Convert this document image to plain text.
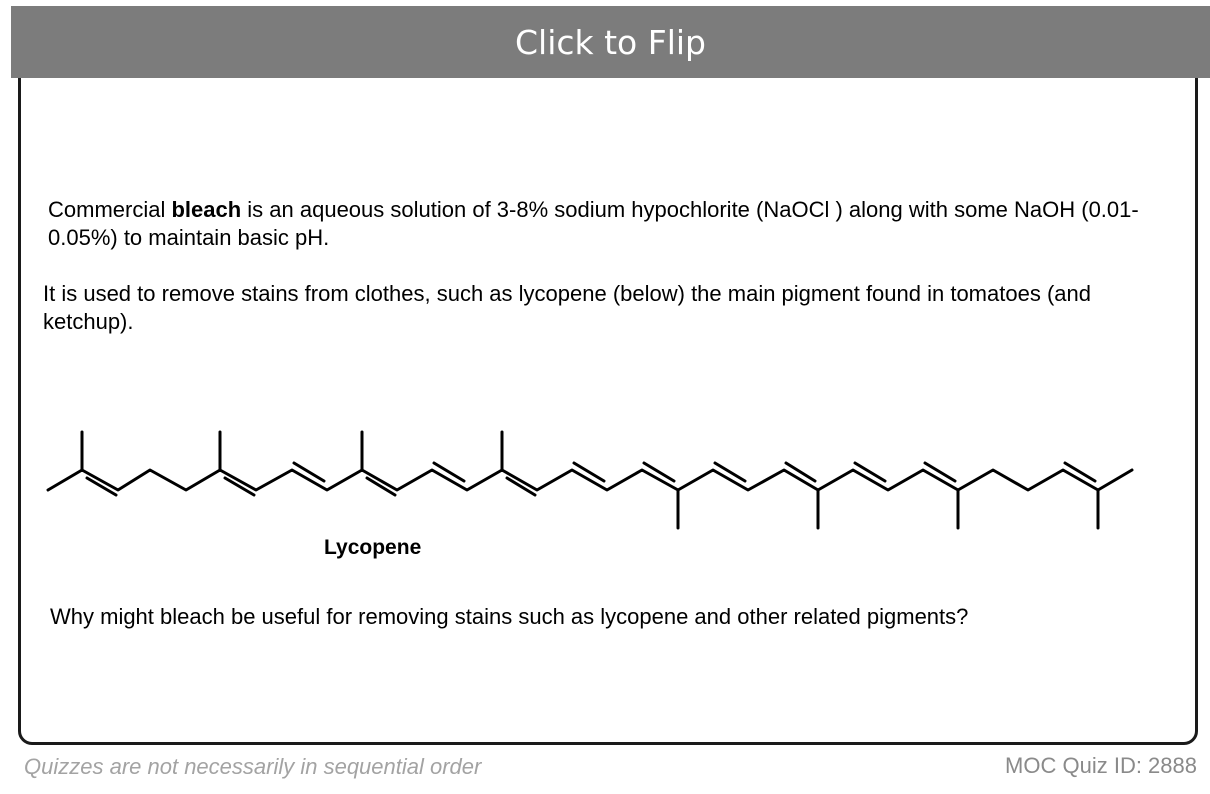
Click to Flip
Commercial bleach is an aqueous solution of 3-8% sodium hypochlorite (NaOCl ) along with some NaOH (0.01-0.05%) to maintain basic pH.
It is used to remove stains from clothes, such as lycopene (below) the main pigment found in tomatoes (and ketchup).
Lycopene
Why might bleach be useful for removing stains such as lycopene and other related pigments?
Quizzes are not necessarily in sequential order	MOC Quiz ID: 2888
